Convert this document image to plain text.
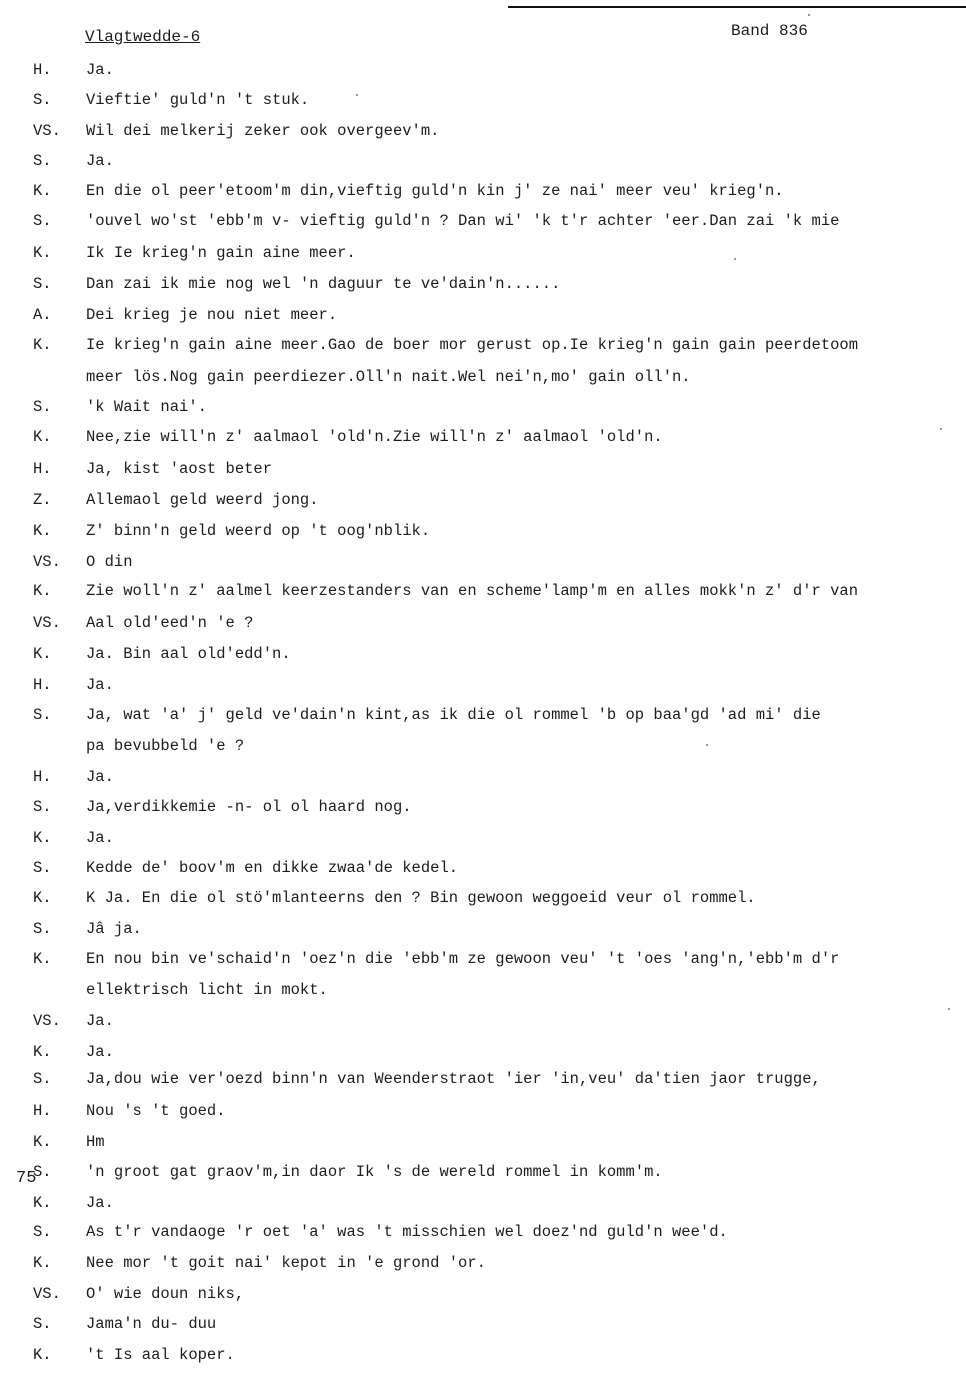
Vlagtwedde-6	Band 836
75
H. Ja.
S. Vieftie' guld'n 't stuk.
VS. Wil dei melkerij zeker ook overgeev'm.
S. Ja.
K. En die ol peer'etoom'm din,vieftig guld'n kin j' ze nai' meer veu' krieg'n.
S. 'ouvel wo'st 'ebb'm v- vieftig guld'n ? Dan wi' 'k t'r achter 'eer.Dan zai 'k mie
K. Ik Ie krieg'n gain aine meer.
S. Dan zai ik mie nog wel 'n daguur te ve'dain'n......
A. Dei krieg je nou niet meer.
K. Ie krieg'n gain aine meer.Gao de boer mor gerust op.Ie krieg'n gain gain peerdetoom
meer lös.Nog gain peerdiezer.Oll'n nait.Wel nei'n,mo' gain oll'n.
S. 'k Wait nai'.
K. Nee,zie will'n z' aalmaol 'old'n.Zie will'n z' aalmaol 'old'n.
H. Ja, kist 'aost beter
Z. Allemaol geld weerd jong.
K. Z' binn'n geld weerd op 't oog'nblik.
VS. O din
K. Zie woll'n z' aalmel keerzestanders van en scheme'lamp'm en alles mokk'n z' d'r van
VS. Aal old'eed'n 'e ?
K. Ja. Bin aal old'edd'n.
H. Ja.
S. Ja, wat 'a' j' geld ve'dain'n kint,as ik die ol rommel 'b op baa'gd 'ad mi' die
pa bevubbeld 'e ?
H. Ja.
S. Ja,verdikkemie -n- ol ol haard nog.
K. Ja.
S. Kedde de' boov'm en dikke zwaa'de kedel.
K. K Ja. En die ol stö'mlanteerns den ? Bin gewoon weggoeid veur ol rommel.
S. Jâ ja.
K. En nou bin ve'schaid'n 'oez'n die 'ebb'm ze gewoon veu' 't 'oes 'ang'n,'ebb'm d'r
ellektrisch licht in mokt.
VS. Ja.
K. Ja.
S. Ja,dou wie ver'oezd binn'n van Weenderstraot 'ier 'in,veu' da'tien jaor trugge,
H. Nou 's 't goed.
K. Hm
S. 'n groot gat graov'm,in daor Ik 's de wereld rommel in komm'm.
K. Ja.
S. As t'r vandaoge 'r oet 'a' was 't misschien wel doez'nd guld'n wee'd.
K. Nee mor 't goit nai' kepot in 'e grond 'or.
VS. O' wie doun niks,
S. Jama'n du- duu
K. 't Is aal koper.
